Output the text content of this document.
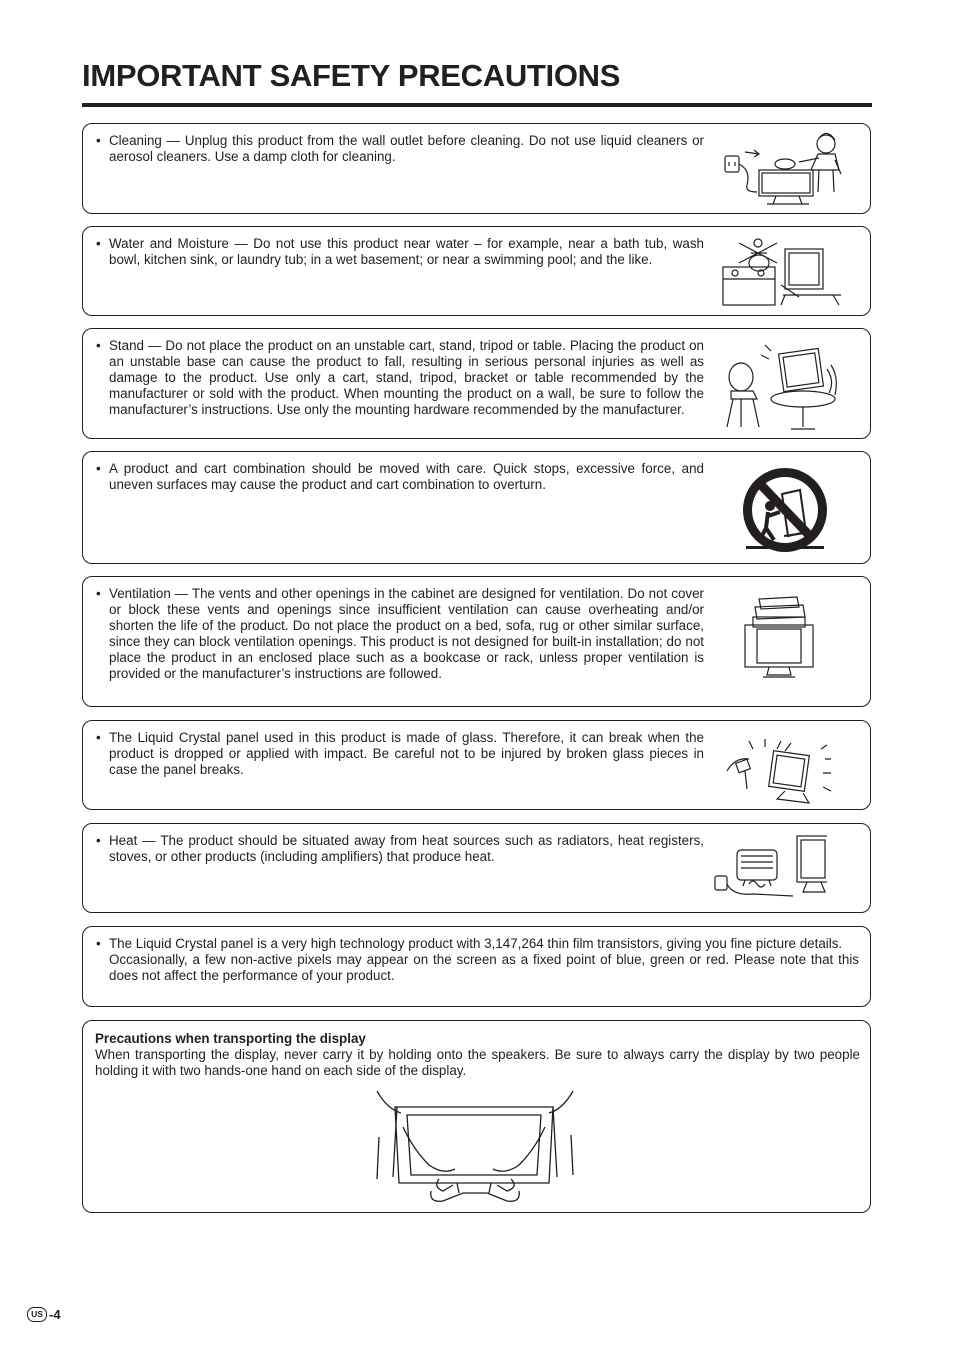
IMPORTANT SAFETY PRECAUTIONS
• Cleaning — Unplug this product from the wall outlet before cleaning. Do not use liquid cleaners or aerosol cleaners. Use a damp cloth for cleaning.
• Water and Moisture — Do not use this product near water – for example, near a bath tub, wash bowl, kitchen sink, or laundry tub; in a wet basement; or near a swimming pool; and the like.
• Stand — Do not place the product on an unstable cart, stand, tripod or table. Placing the product on an unstable base can cause the product to fall, resulting in serious personal injuries as well as damage to the product. Use only a cart, stand, tripod, bracket or table recommended by the manufacturer or sold with the product. When mounting the product on a wall, be sure to follow the manufacturer’s instructions. Use only the mounting hardware recommended by the manufacturer.
• A product and cart combination should be moved with care. Quick stops, excessive force, and uneven surfaces may cause the product and cart combination to overturn.
• Ventilation — The vents and other openings in the cabinet are designed for ventilation. Do not cover or block these vents and openings since insufficient ventilation can cause overheating and/or shorten the life of the product. Do not place the product on a bed, sofa, rug or other similar surface, since they can block ventilation openings. This product is not designed for built-in installation; do not place the product in an enclosed place such as a bookcase or rack, unless proper ventilation is provided or the manufacturer’s instructions are followed.
• The Liquid Crystal panel used in this product is made of glass. Therefore, it can break when the product is dropped or applied with impact. Be careful not to be injured by broken glass pieces in case the panel breaks.
• Heat — The product should be situated away from heat sources such as radiators, heat registers, stoves, or other products (including amplifiers) that produce heat.
• The Liquid Crystal panel is a very high technology product with 3,147,264 thin film transistors, giving you fine picture details.
Occasionally, a few non-active pixels may appear on the screen as a fixed point of blue, green or red. Please note that this does not affect the performance of your product.
Precautions when transporting the display
When transporting the display, never carry it by holding onto the speakers. Be sure to always carry the display by two people holding it with two hands-one hand on each side of the display.
US -4
